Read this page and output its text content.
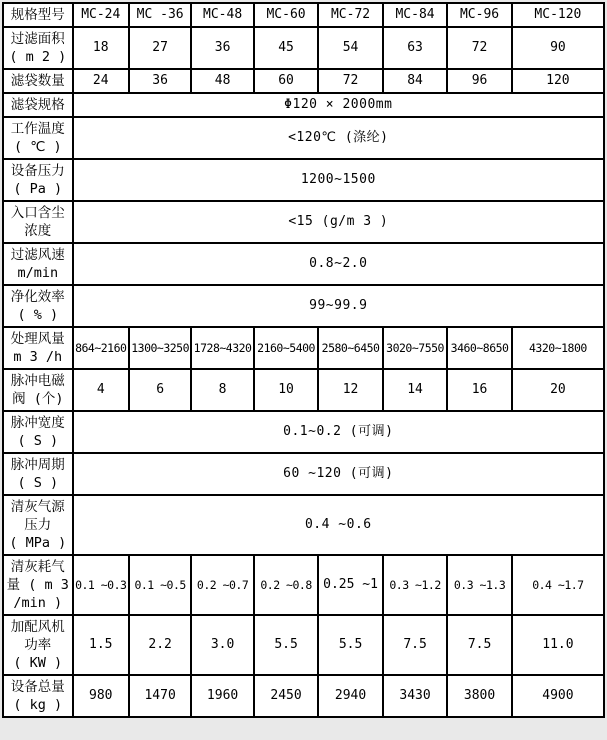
规格型号	MC-24	MC -36	MC-48	MC-60	MC-72	MC-84	MC-96	MC-120

过滤面积
( m 2 )	18	27	36	45	54	63	72	90

滤袋数量	24	36	48	60	72	84	96	120

滤袋规格	Φ120 × 2000mm							

工作温度
( ℃ )	<120℃ (涤纶)							

设备压力
( Pa )	1200~1500							

入口含尘
浓度	<15 (g/m 3 )							

过滤风速
m/min	0.8~2.0							

净化效率
( % )	99~99.9							

处理风量
m 3 /h	864~2160	1300~3250	1728~4320	2160~5400	2580~6450	3020~7550	3460~8650	4320~1800

脉冲电磁
阀 (个)	4	6	8	10	12	14	16	20

脉冲宽度
( S )	0.1~0.2 (可调)							

脉冲周期
( S )	60 ~120 (可调)							

清灰气源
压力
( MPa )	0.4 ~0.6							

清灰耗气
量 ( m 3
/min )	0.1 ~0.3	0.1 ~0.5	0.2 ~0.7	0.2 ~0.8	0.25 ~1	0.3 ~1.2	0.3 ~1.3	0.4 ~1.7

加配风机
功率
( KW )	1.5	2.2	3.0	5.5	5.5	7.5	7.5	11.0

设备总量
( kg )	980	1470	1960	2450	2940	3430	3800	4900
